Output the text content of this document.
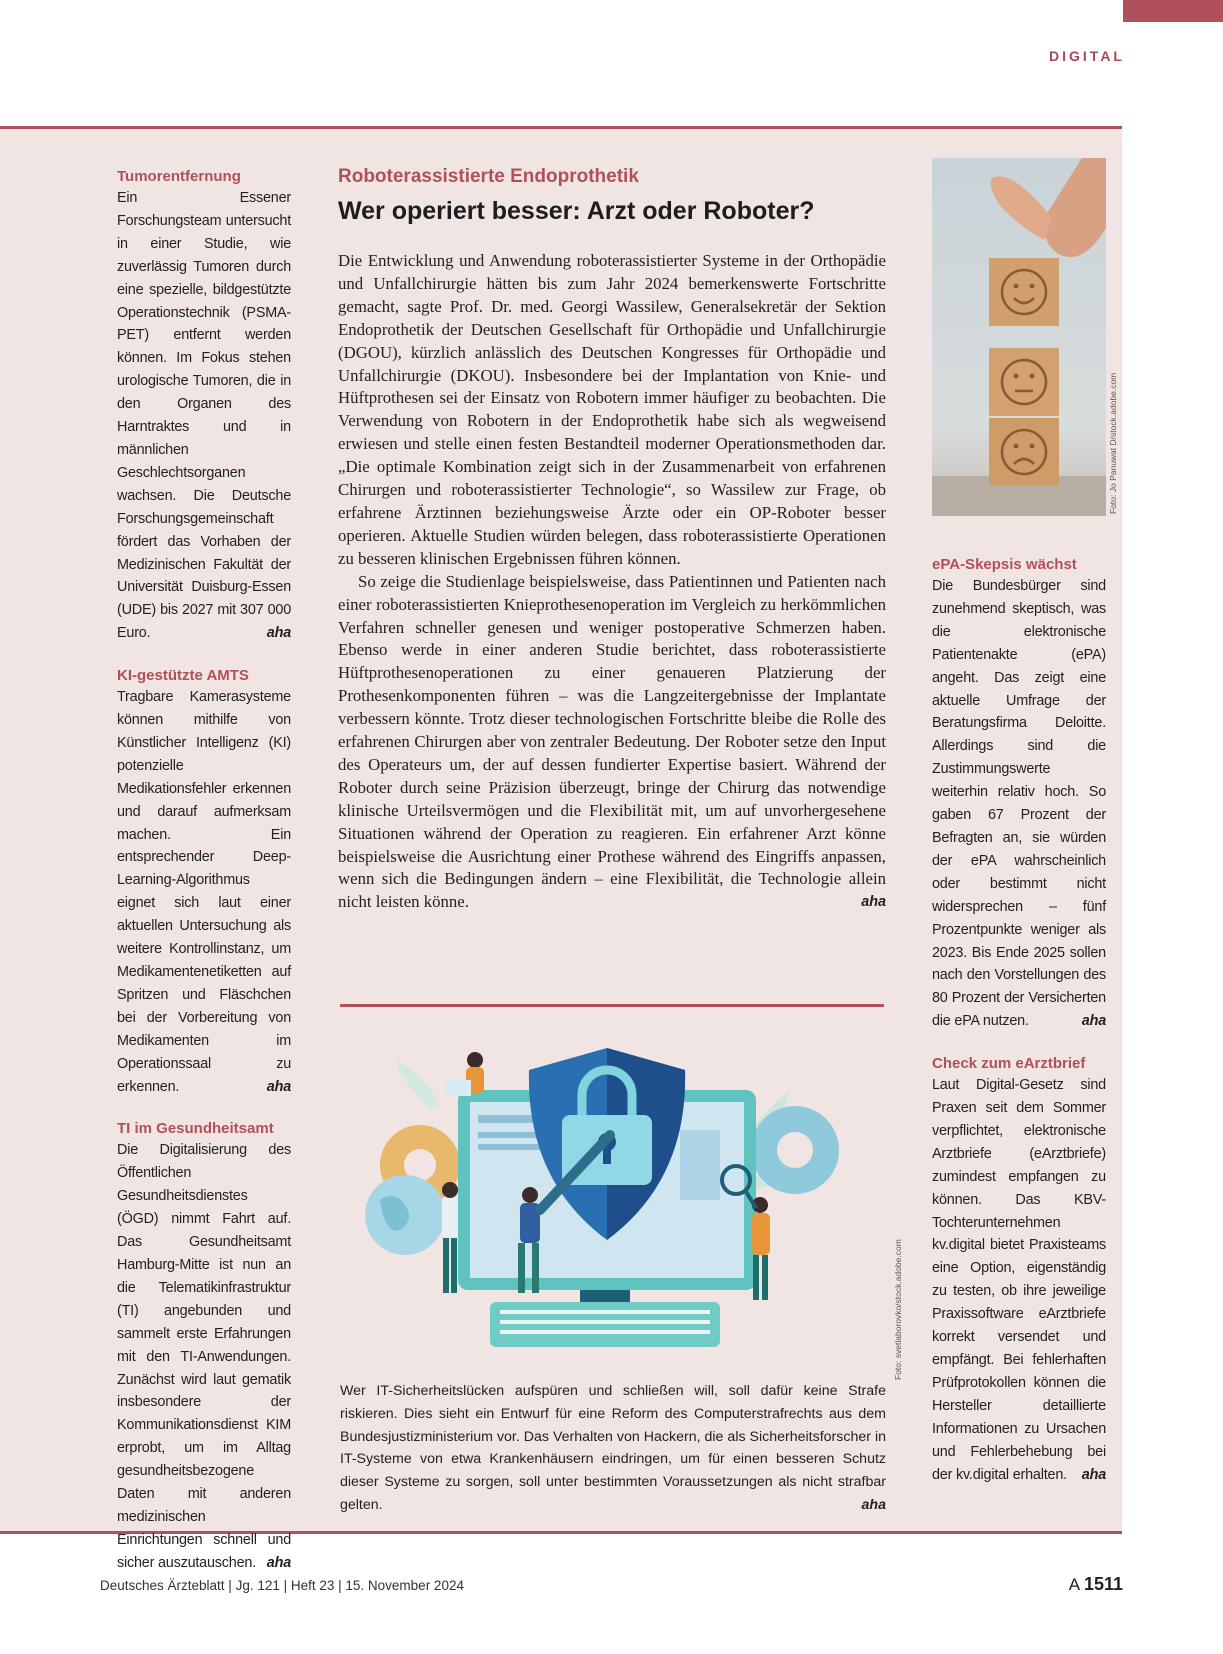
DIGITAL
Tumorentfernung

Ein Essener Forschungsteam untersucht in einer Studie, wie zuverlässig Tumoren durch eine spezielle, bildgestützte Operationstechnik (PSMA-PET) entfernt werden können. Im Fokus stehen urologische Tumoren, die in den Organen des Harntraktes und in männlichen Geschlechtsorganen wachsen. Die Deutsche Forschungsgemeinschaft fördert das Vorhaben der Medizinischen Fakultät der Universität Duisburg-Essen (UDE) bis 2027 mit 307 000 Euro.	aha

KI-gestützte AMTS

Tragbare Kamerasysteme können mithilfe von Künstlicher Intelligenz (KI) potenzielle Medikationsfehler erkennen und darauf aufmerksam machen. Ein entsprechender Deep-Learning-Algorithmus eignet sich laut einer aktuellen Untersuchung als weitere Kontrollinstanz, um Medikamentenetiketten auf Spritzen und Fläschchen bei der Vorbereitung von Medikamenten im Operationssaal zu erkennen.	aha

TI im Gesundheitsamt

Die Digitalisierung des Öffentlichen Gesundheitsdienstes (ÖGD) nimmt Fahrt auf. Das Gesundheitsamt Hamburg-Mitte ist nun an die Telematikinfrastruktur (TI) angebunden und sammelt erste Erfahrungen mit den TI-Anwendungen. Zunächst wird laut gematik insbesondere der Kommunikationsdienst KIM erprobt, um im Alltag gesundheitsbezogene Daten mit anderen medizinischen Einrichtungen schnell und sicher auszutauschen. aha

Roboterassistierte Endoprothetik
Wer operiert besser: Arzt oder Roboter?

Die Entwicklung und Anwendung roboterassistierter Systeme in der Orthopädie und Unfallchirurgie hätten bis zum Jahr 2024 bemerkenswerte Fortschritte gemacht, sagte Prof. Dr. med. Georgi Wassilew, Generalsekretär der Sektion Endoprothetik der Deutschen Gesellschaft für Orthopädie und Unfallchirurgie (DGOU), kürzlich anlässlich des Deutschen Kongresses für Orthopädie und Unfallchirurgie (DKOU). Insbesondere bei der Implantation von Knie- und Hüftprothesen sei der Einsatz von Robotern immer häufiger zu beobachten. Die Verwendung von Robotern in der Endoprothetik habe sich als wegweisend erwiesen und stelle einen festen Bestandteil moderner Operationsmethoden dar. „Die optimale Kombination zeigt sich in der Zusammenarbeit von erfahrenen Chirurgen und roboterassistierter Technologie“, so Wassilew zur Frage, ob erfahrene Ärztinnen beziehungsweise Ärzte oder ein OP-Roboter besser operieren. Aktuelle Studien würden belegen, dass roboterassistierte Operationen zu besseren klinischen Ergebnissen führen können.

So zeige die Studienlage beispielsweise, dass Patientinnen und Patienten nach einer roboterassistierten Knieprothesenoperation im Vergleich zu herkömmlichen Verfahren schneller genesen und weniger postoperative Schmerzen haben. Ebenso werde in einer anderen Studie berichtet, dass roboterassistierte Hüftprothesenoperationen zu einer genaueren Platzierung der Prothesenkomponenten führen – was die Langzeitergebnisse der Implantate verbessern könnte. Trotz dieser technologischen Fortschritte bleibe die Rolle des erfahrenen Chirurgen aber von zentraler Bedeutung. Der Roboter setze den Input des Operateurs um, der auf dessen fundierter Expertise basiert. Während der Roboter durch seine Präzision überzeugt, bringe der Chirurg das notwendige klinische Urteilsvermögen und die Flexibilität mit, um auf unvorhergesehene Situationen während der Operation zu reagieren. Ein erfahrener Arzt könne beispielsweise die Ausrichtung einer Prothese während des Eingriffs anpassen, wenn sich die Bedingungen ändern – eine Flexibilität, die Technologie allein nicht leisten könne.	aha

Foto: svetlaborovko/stock.adobe.com
Wer IT-Sicherheitslücken aufspüren und schließen will, soll dafür keine Strafe riskieren. Dies sieht ein Entwurf für eine Reform des Computerstrafrechts aus dem Bundesjustizministerium vor. Das Verhalten von Hackern, die als Sicherheitsforscher in IT-Systeme von etwa Krankenhäusern eindringen, um für einen besseren Schutz dieser Systeme zu sorgen, soll unter bestimmten Voraussetzungen als nicht strafbar gelten.	aha
Foto: Jo Panuwat D/stock.adobe.com
ePA-Skepsis wächst

Die Bundesbürger sind zunehmend skeptisch, was die elektronische Patientenakte (ePA) angeht. Das zeigt eine aktuelle Umfrage der Beratungsfirma Deloitte. Allerdings sind die Zustimmungswerte weiterhin relativ hoch. So gaben 67 Prozent der Befragten an, sie würden der ePA wahrscheinlich oder bestimmt nicht widersprechen – fünf Prozentpunkte weniger als 2023. Bis Ende 2025 sollen nach den Vorstellungen des 80 Prozent der Versicherten die ePA nutzen.	aha

Check zum eArztbrief

Laut Digital-Gesetz sind Praxen seit dem Sommer verpflichtet, elektronische Arztbriefe (eArztbriefe) zumindest empfangen zu können. Das KBV-Tochterunternehmen kv.digital bietet Praxisteams eine Option, eigenständig zu testen, ob ihre jeweilige Praxissoftware eArztbriefe korrekt versendet und empfängt. Bei fehlerhaften Prüfprotokollen können die Hersteller detaillierte Informationen zu Ursachen und Fehlerbehebung bei der kv.digital erhalten. aha

Deutsches Ärzteblatt | Jg. 121 | Heft 23 | 15. November 2024	A 1511
